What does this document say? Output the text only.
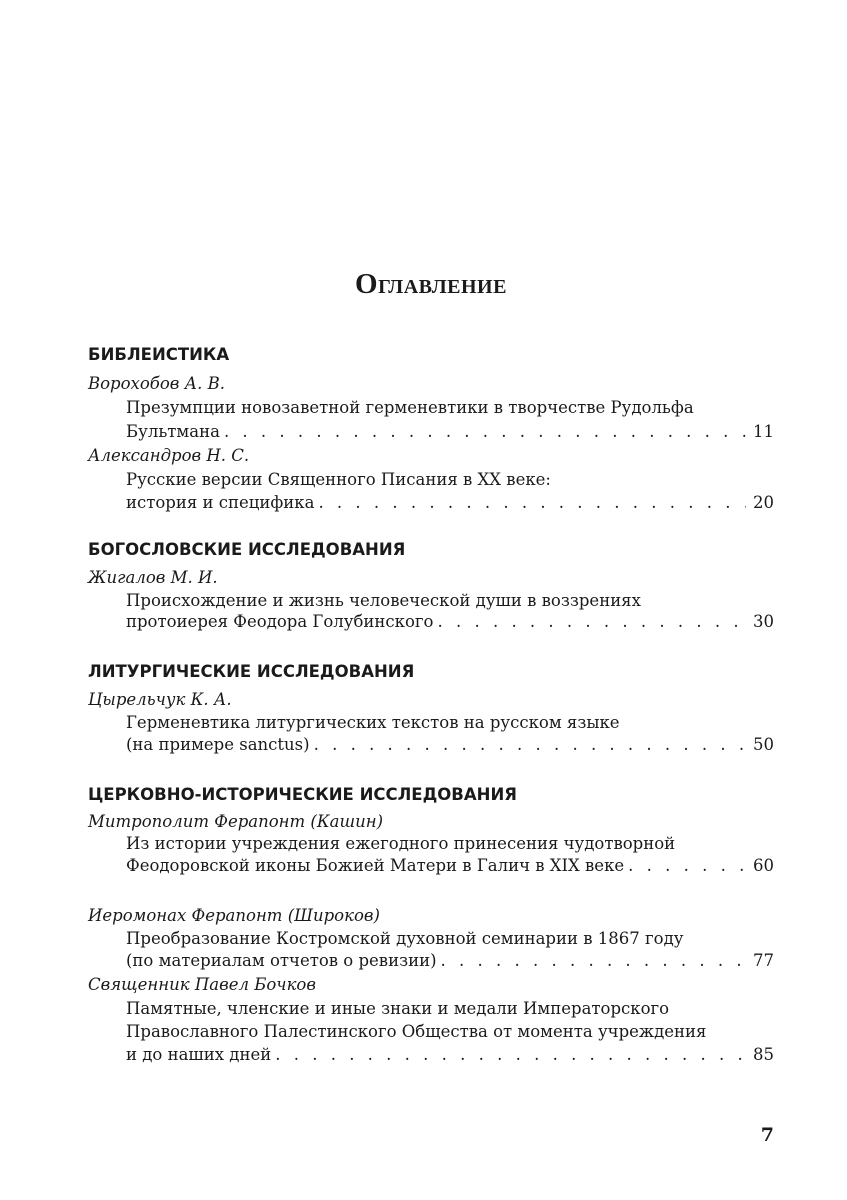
Оглавление
БИБЛЕИСТИКА
Ворохобов А. В.
Презумпции новозаветной герменевтики в творчестве Рудольфа
Бультмана . . .	11
Александров Н. С.
Русские версии Священного Писания в XX веке:
история и специфика . . .	20
БОГОСЛОВСКИЕ ИССЛЕДОВАНИЯ
Жигалов М. И.
Происхождение и жизнь человеческой души в воззрениях
протоиерея Феодора Голубинского . . .	30
ЛИТУРГИЧЕСКИЕ ИССЛЕДОВАНИЯ
Цырельчук К. А.
Герменевтика литургических текстов на русском языке
(на примере sanctus) . . .	50
ЦЕРКОВНО-ИСТОРИЧЕСКИЕ ИССЛЕДОВАНИЯ
Митрополит Ферапонт (Кашин)
Из истории учреждения ежегодного принесения чудотворной
Феодоровской иконы Божией Матери в Галич в XIX веке . . .	60
Иеромонах Ферапонт (Широков)
Преобразование Костромской духовной семинарии в 1867 году
(по материалам отчетов о ревизии) . . .	77
Священник Павел Бочков
Памятные, членские и иные знаки и медали Императорского
Православного Палестинского Общества от момента учреждения
и до наших дней . . .	85
7
